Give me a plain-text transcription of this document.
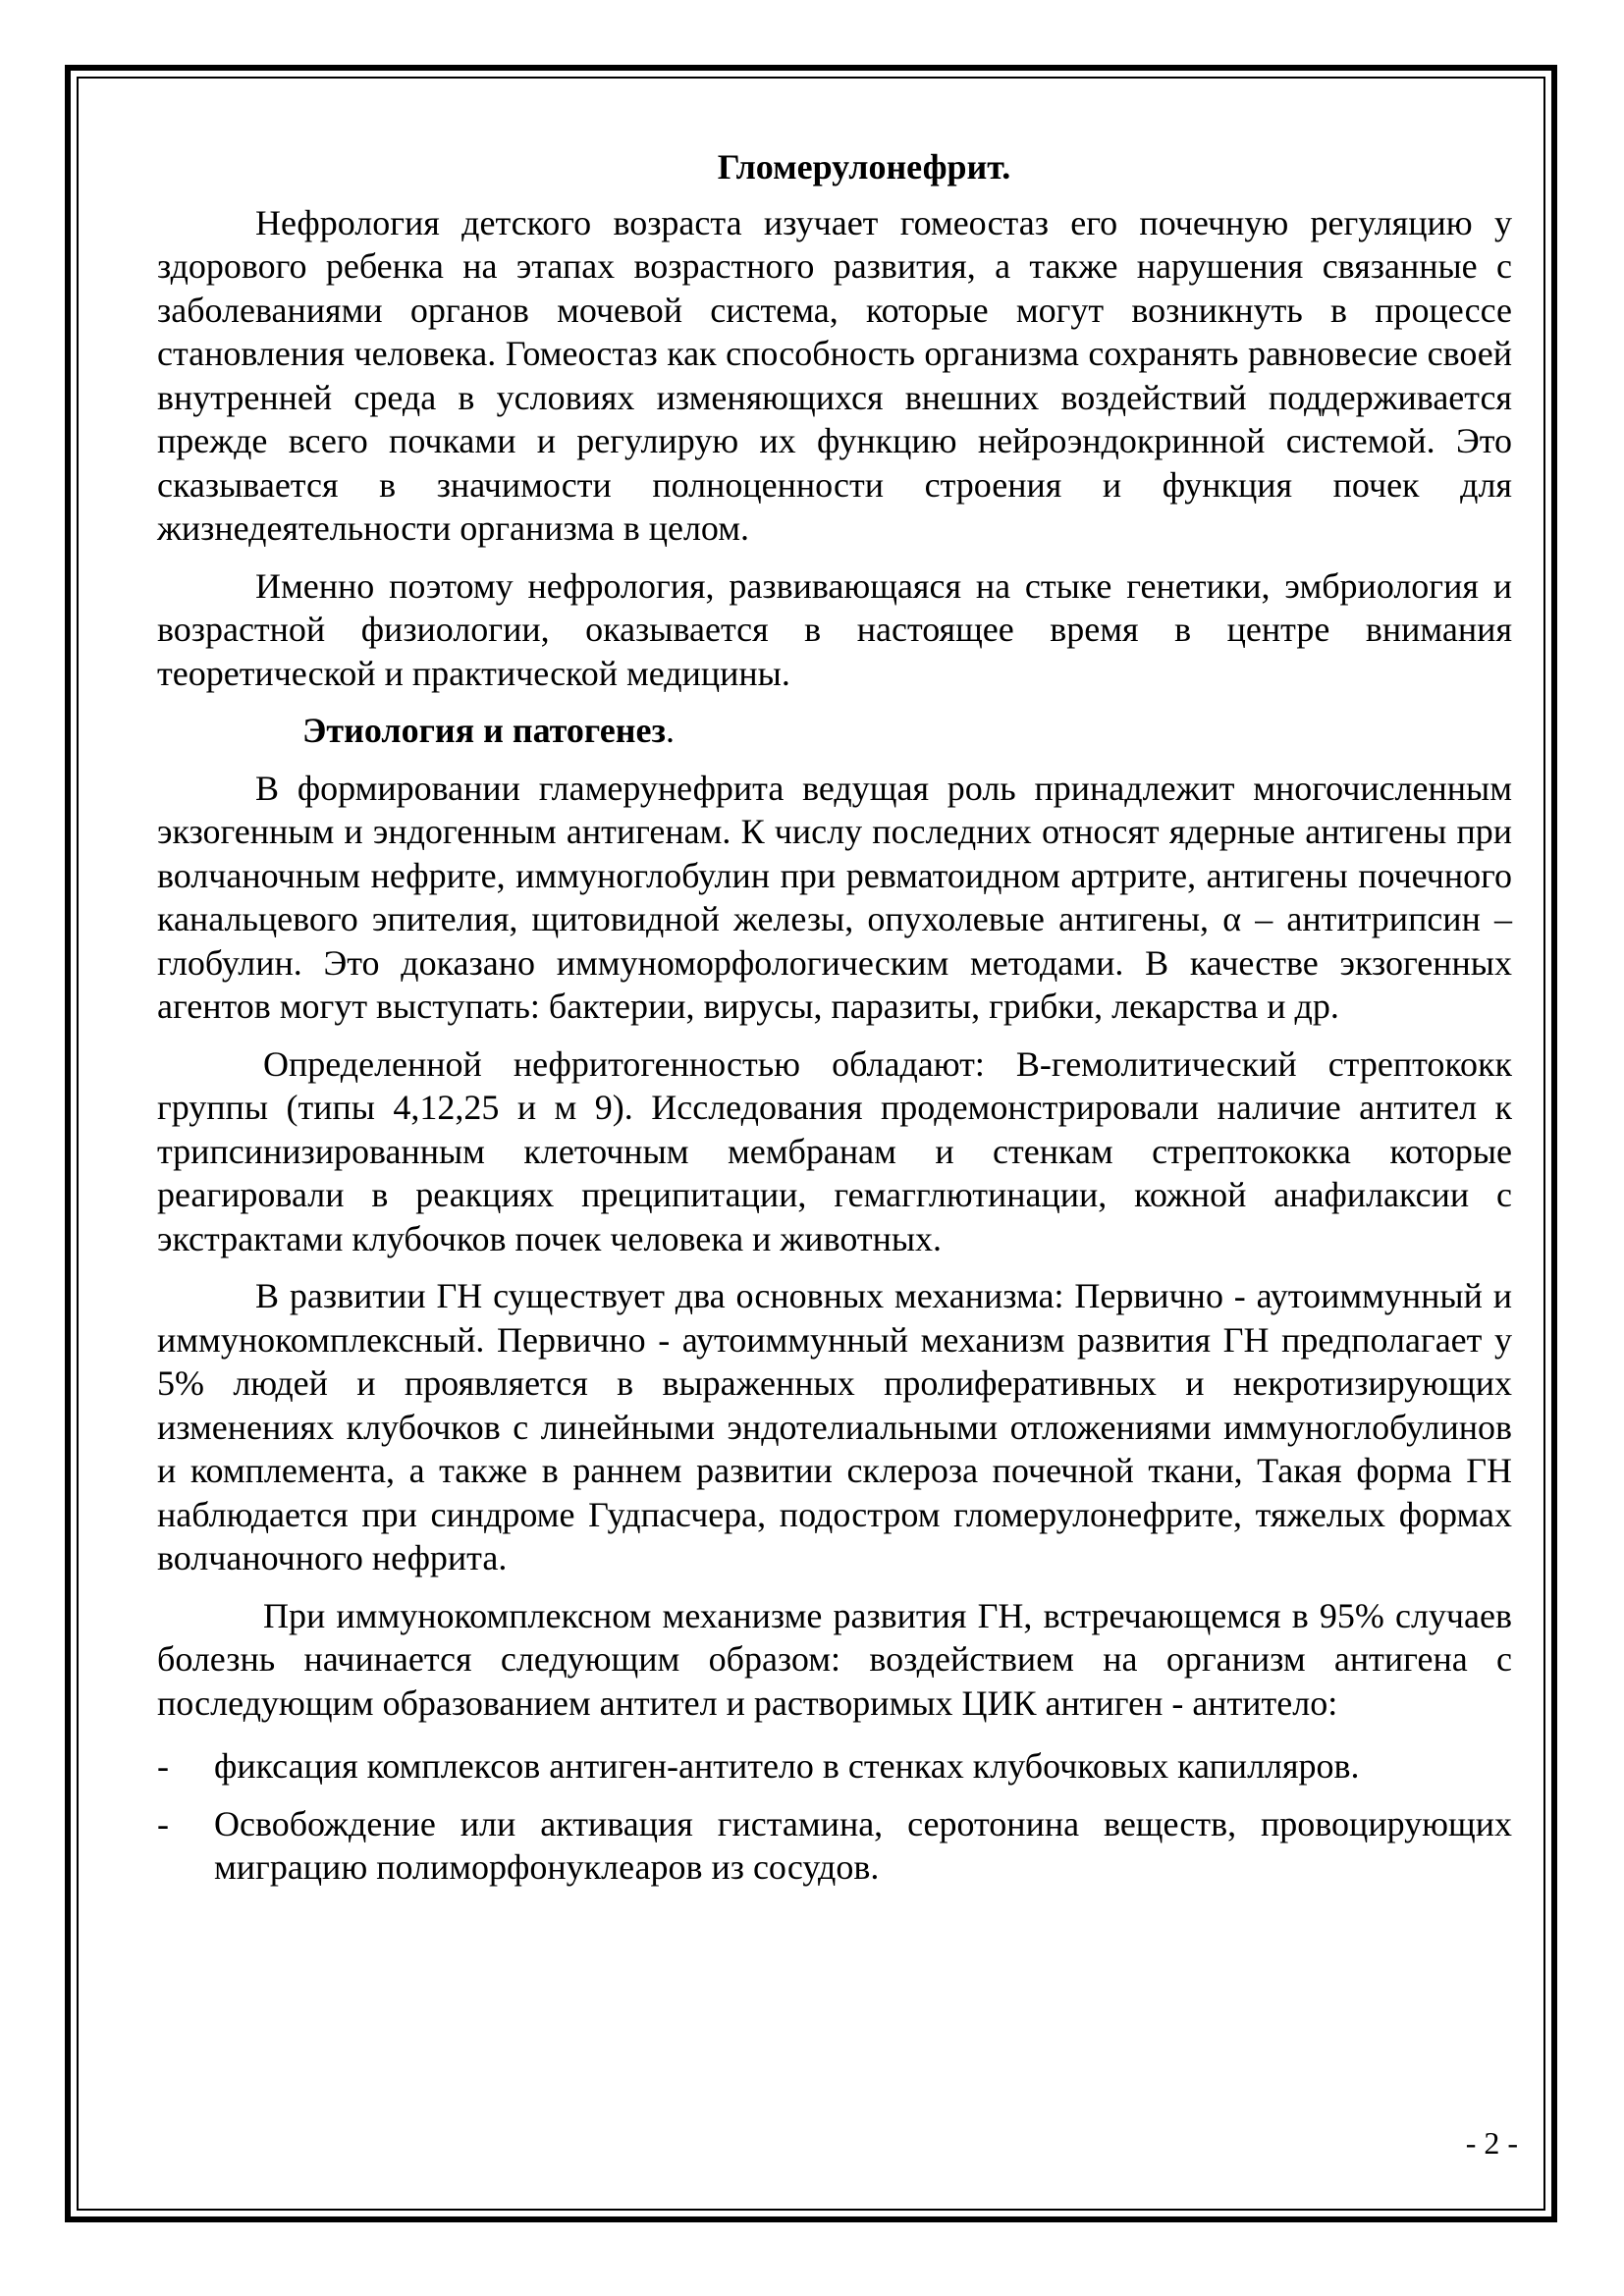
Гломерулонефрит.

Нефрология детского возраста изучает гомеостаз его почечную регуляцию у здорового ребенка на этапах возрастного развития, а также нарушения связанные с заболеваниями органов мочевой система, которые могут возникнуть в процессе становления человека. Гомеостаз как способность организма сохранять равновесие своей внутренней среда в условиях изменяющихся внешних воздействий поддерживается прежде всего почками и регулирую их функцию нейроэндокринной системой. Это сказывается в значимости полноценности строения и функция почек для жизнедеятельности организма в целом.

Именно поэтому нефрология, развивающаяся на стыке генетики, эмбриология и возрастной физиологии, оказывается в настоящее время в центре внимания теоретической и практической медицины.

Этиология и патогенез.

В формировании гламерунефрита ведущая роль принадлежит многочисленным экзогенным и эндогенным антигенам. К числу последних относят ядерные антигены при волчаночным нефрите, иммуноглобулин при ревматоидном артрите, антигены почечного канальцевого эпителия, щитовидной железы, опухолевые антигены, α – антитрипсин – глобулин. Это доказано иммуноморфологическим методами. В качестве экзогенных агентов могут выступать: бактерии, вирусы, паразиты, грибки, лекарства и др.

Определенной нефритогенностью обладают: В-гемолитический стрептококк группы (типы 4,12,25 и м 9). Исследования продемонстрировали наличие антител к трипсинизированным клеточным мембранам и стенкам стрептококка которые реагировали в реакциях преципитации, гемагглютинации, кожной анафилаксии с экстрактами клубочков почек человека и животных.

В развитии ГН существует два основных механизма: Первично - аутоиммунный и иммунокомплексный. Первично - аутоиммунный механизм развития ГН предполагает у 5% людей и проявляется в выраженных пролиферативных и некротизирующих изменениях клубочков с линейными эндотелиальными отложениями иммуноглобулинов и комплемента, а также в раннем развитии склероза почечной ткани, Такая форма ГН наблюдается при синдроме Гудпасчера, подостром гломерулонефрите, тяжелых формах волчаночного нефрита.

При иммунокомплексном механизме развития ГН, встречающемся в 95% случаев болезнь начинается следующим образом: воздействием на организм антигена с последующим образованием антител и растворимых ЦИК антиген - антитело:

-	фиксация комплексов антиген-антитело в стенках клубочковых капилляров.
-	Освобождение или активация гистамина, серотонина веществ, провоцирующих миграцию полиморфонуклеаров из сосудов.
- 2 -
